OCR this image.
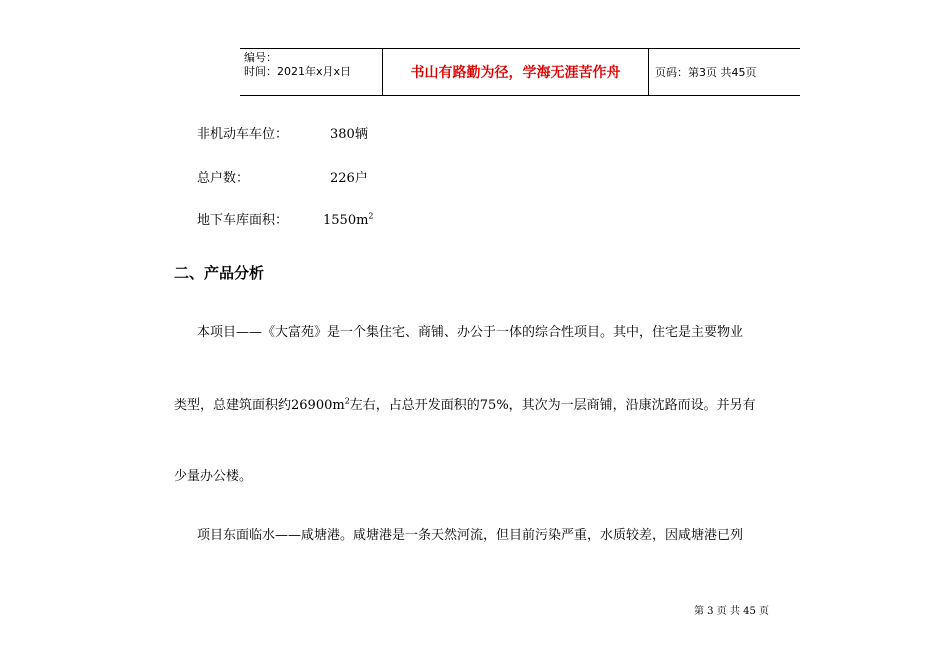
编号：
时间：2021年x月x日	书山有路勤为径，学海无涯苦作舟	页码：第3页 共45页
非机动车车位：	380辆
总户数：	226户
地下车库面积：	$1550m^2$
二、产品分析
本项目——《大富苑》是一个集住宅、商铺、办公于一体的综合性项目。其中，住宅是主要物业
类型，总建筑面积约$26900m^2$左右，占总开发面积的75%，其次为一层商铺，沿康沈路而设。并另有
少量办公楼。
项目东面临水——咸塘港。咸塘港是一条天然河流，但目前污染严重，水质较差，因咸塘港已列
第 3 页 共 45 页
